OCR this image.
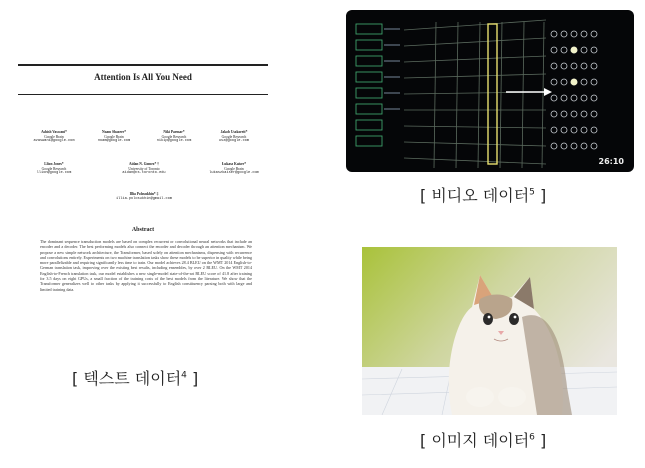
Attention Is All You Need
Ashish Vaswani*
Google Brain
avaswani@google.com
Noam Shazeer*
Google Brain
noam@google.com
Niki Parmar*
Google Research
nikip@google.com
Jakob Uszkoreit*
Google Research
usz@google.com
Llion Jones*
Google Research
llion@google.com
Aidan N. Gomez* †
University of Toronto
aidan@cs.toronto.edu
Łukasz Kaiser*
Google Brain
lukaszkaiser@google.com
Illia Polosukhin* ‡
illia.polosukhin@gmail.com
Abstract
The dominant sequence transduction models are based on complex recurrent or convolutional neural networks that include an encoder and a decoder. The best performing models also connect the encoder and decoder through an attention mechanism. We propose a new simple network architecture, the Transformer, based solely on attention mechanisms, dispensing with recurrence and convolutions entirely. Experiments on two machine translation tasks show these models to be superior in quality while being more parallelizable and requiring significantly less time to train. Our model achieves 28.4 BLEU on the WMT 2014 English-to-German translation task, improving over the existing best results, including ensembles, by over 2 BLEU. On the WMT 2014 English-to-French translation task, our model establishes a new single-model state-of-the-art BLEU score of 41.8 after training for 3.5 days on eight GPUs, a small fraction of the training costs of the best models from the literature. We show that the Transformer generalizes well to other tasks by applying it successfully to English constituency parsing both with large and limited training data.
[ 텍스트 데이터$^4$ ]
26:10
[ 비디오 데이터$^5$ ]
[ 이미지 데이터$^6$ ]
